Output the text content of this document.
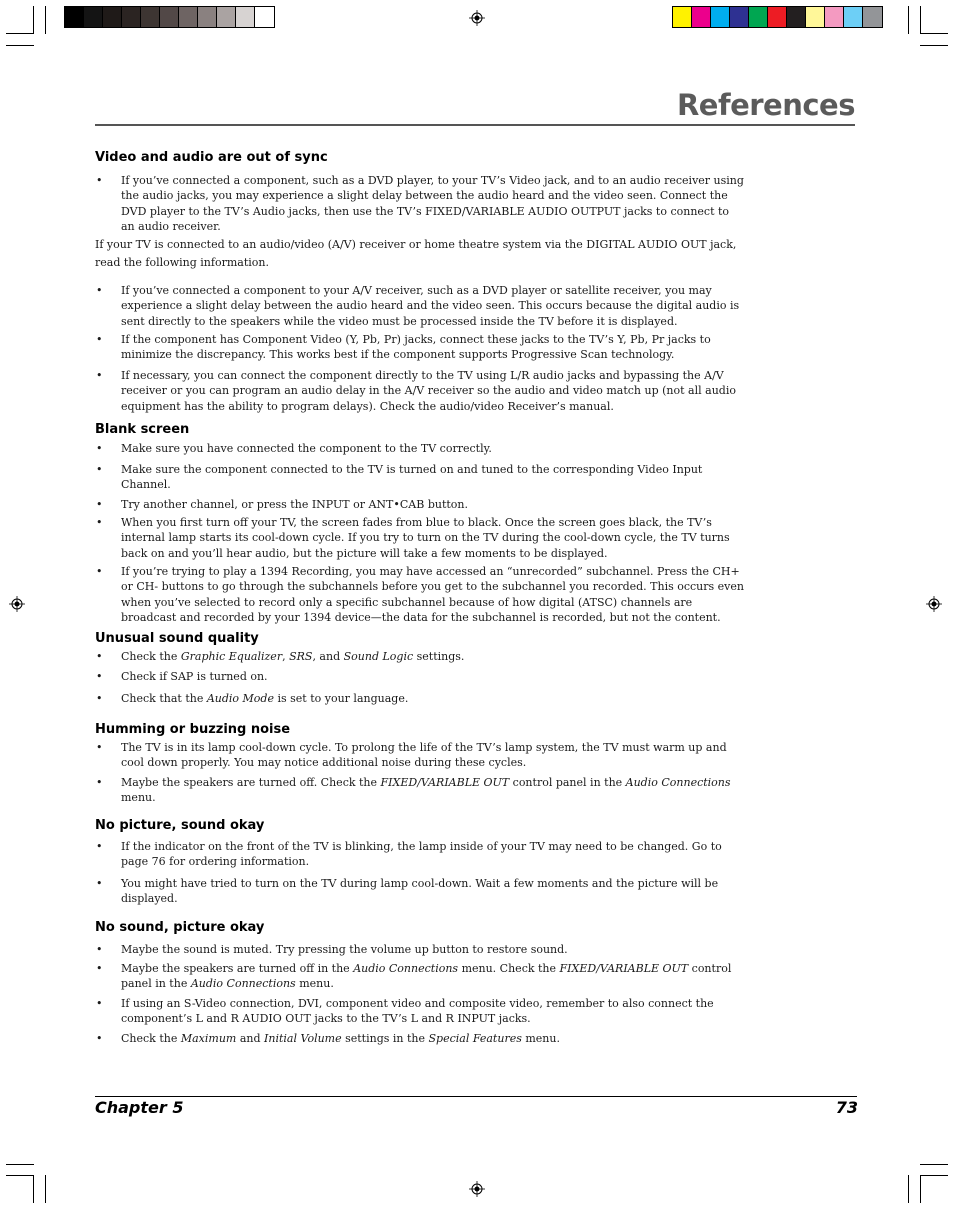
References
Video and audio are out of sync
• If you’ve connected a component, such as a DVD player, to your TV’s Video jack, and to an audio receiver using the audio jacks, you may experience a slight delay between the audio heard and the video seen. Connect the DVD player to the TV’s Audio jacks, then use the TV’s FIXED/VARIABLE AUDIO OUTPUT jacks to connect to an audio receiver.
If your TV is connected to an audio/video (A/V) receiver or home theatre system via the DIGITAL AUDIO OUT jack, read the following information.
• If you’ve connected a component to your A/V receiver, such as a DVD player or satellite receiver, you may experience a slight delay between the audio heard and the video seen. This occurs because the digital audio is sent directly to the speakers while the video must be processed inside the TV before it is displayed.
• If the component has Component Video (Y, Pb, Pr) jacks, connect these jacks to the TV’s Y, Pb, Pr jacks to minimize the discrepancy. This works best if the component supports Progressive Scan technology.
• If necessary, you can connect the component directly to the TV using L/R audio jacks and bypassing the A/V receiver or you can program an audio delay in the A/V receiver so the audio and video match up (not all audio equipment has the ability to program delays). Check the audio/video Receiver’s manual.
Blank screen
• Make sure you have connected the component to the TV correctly.
• Make sure the component connected to the TV is turned on and tuned to the corresponding Video Input Channel.
• Try another channel, or press the INPUT or ANT•CAB button.
• When you first turn off your TV, the screen fades from blue to black. Once the screen goes black, the TV’s internal lamp starts its cool-down cycle. If you try to turn on the TV during the cool-down cycle, the TV turns back on and you’ll hear audio, but the picture will take a few moments to be displayed.
• If you’re trying to play a 1394 Recording, you may have accessed an “unrecorded” subchannel. Press the CH+ or CH- buttons to go through the subchannels before you get to the subchannel you recorded. This occurs even when you’ve selected to record only a specific subchannel because of how digital (ATSC) channels are broadcast and recorded by your 1394 device—the data for the subchannel is recorded, but not the content.
Unusual sound quality
• Check the Graphic Equalizer, SRS, and Sound Logic settings.
• Check if SAP is turned on.
• Check that the Audio Mode is set to your language.
Humming or buzzing noise
• The TV is in its lamp cool-down cycle. To prolong the life of the TV’s lamp system, the TV must warm up and cool down properly. You may notice additional noise during these cycles.
• Maybe the speakers are turned off. Check the FIXED/VARIABLE OUT control panel in the Audio Connections menu.
No picture, sound okay
• If the indicator on the front of the TV is blinking, the lamp inside of your TV may need to be changed. Go to page 76 for ordering information.
• You might have tried to turn on the TV during lamp cool-down. Wait a few moments and the picture will be displayed.
No sound, picture okay
• Maybe the sound is muted. Try pressing the volume up button to restore sound.
• Maybe the speakers are turned off in the Audio Connections menu. Check the FIXED/VARIABLE OUT control panel in the Audio Connections menu.
• If using an S-Video connection, DVI, component video and composite video, remember to also connect the component’s L and R AUDIO OUT jacks to the TV’s L and R INPUT jacks.
• Check the Maximum and Initial Volume settings in the Special Features menu.
Chapter 5	73
